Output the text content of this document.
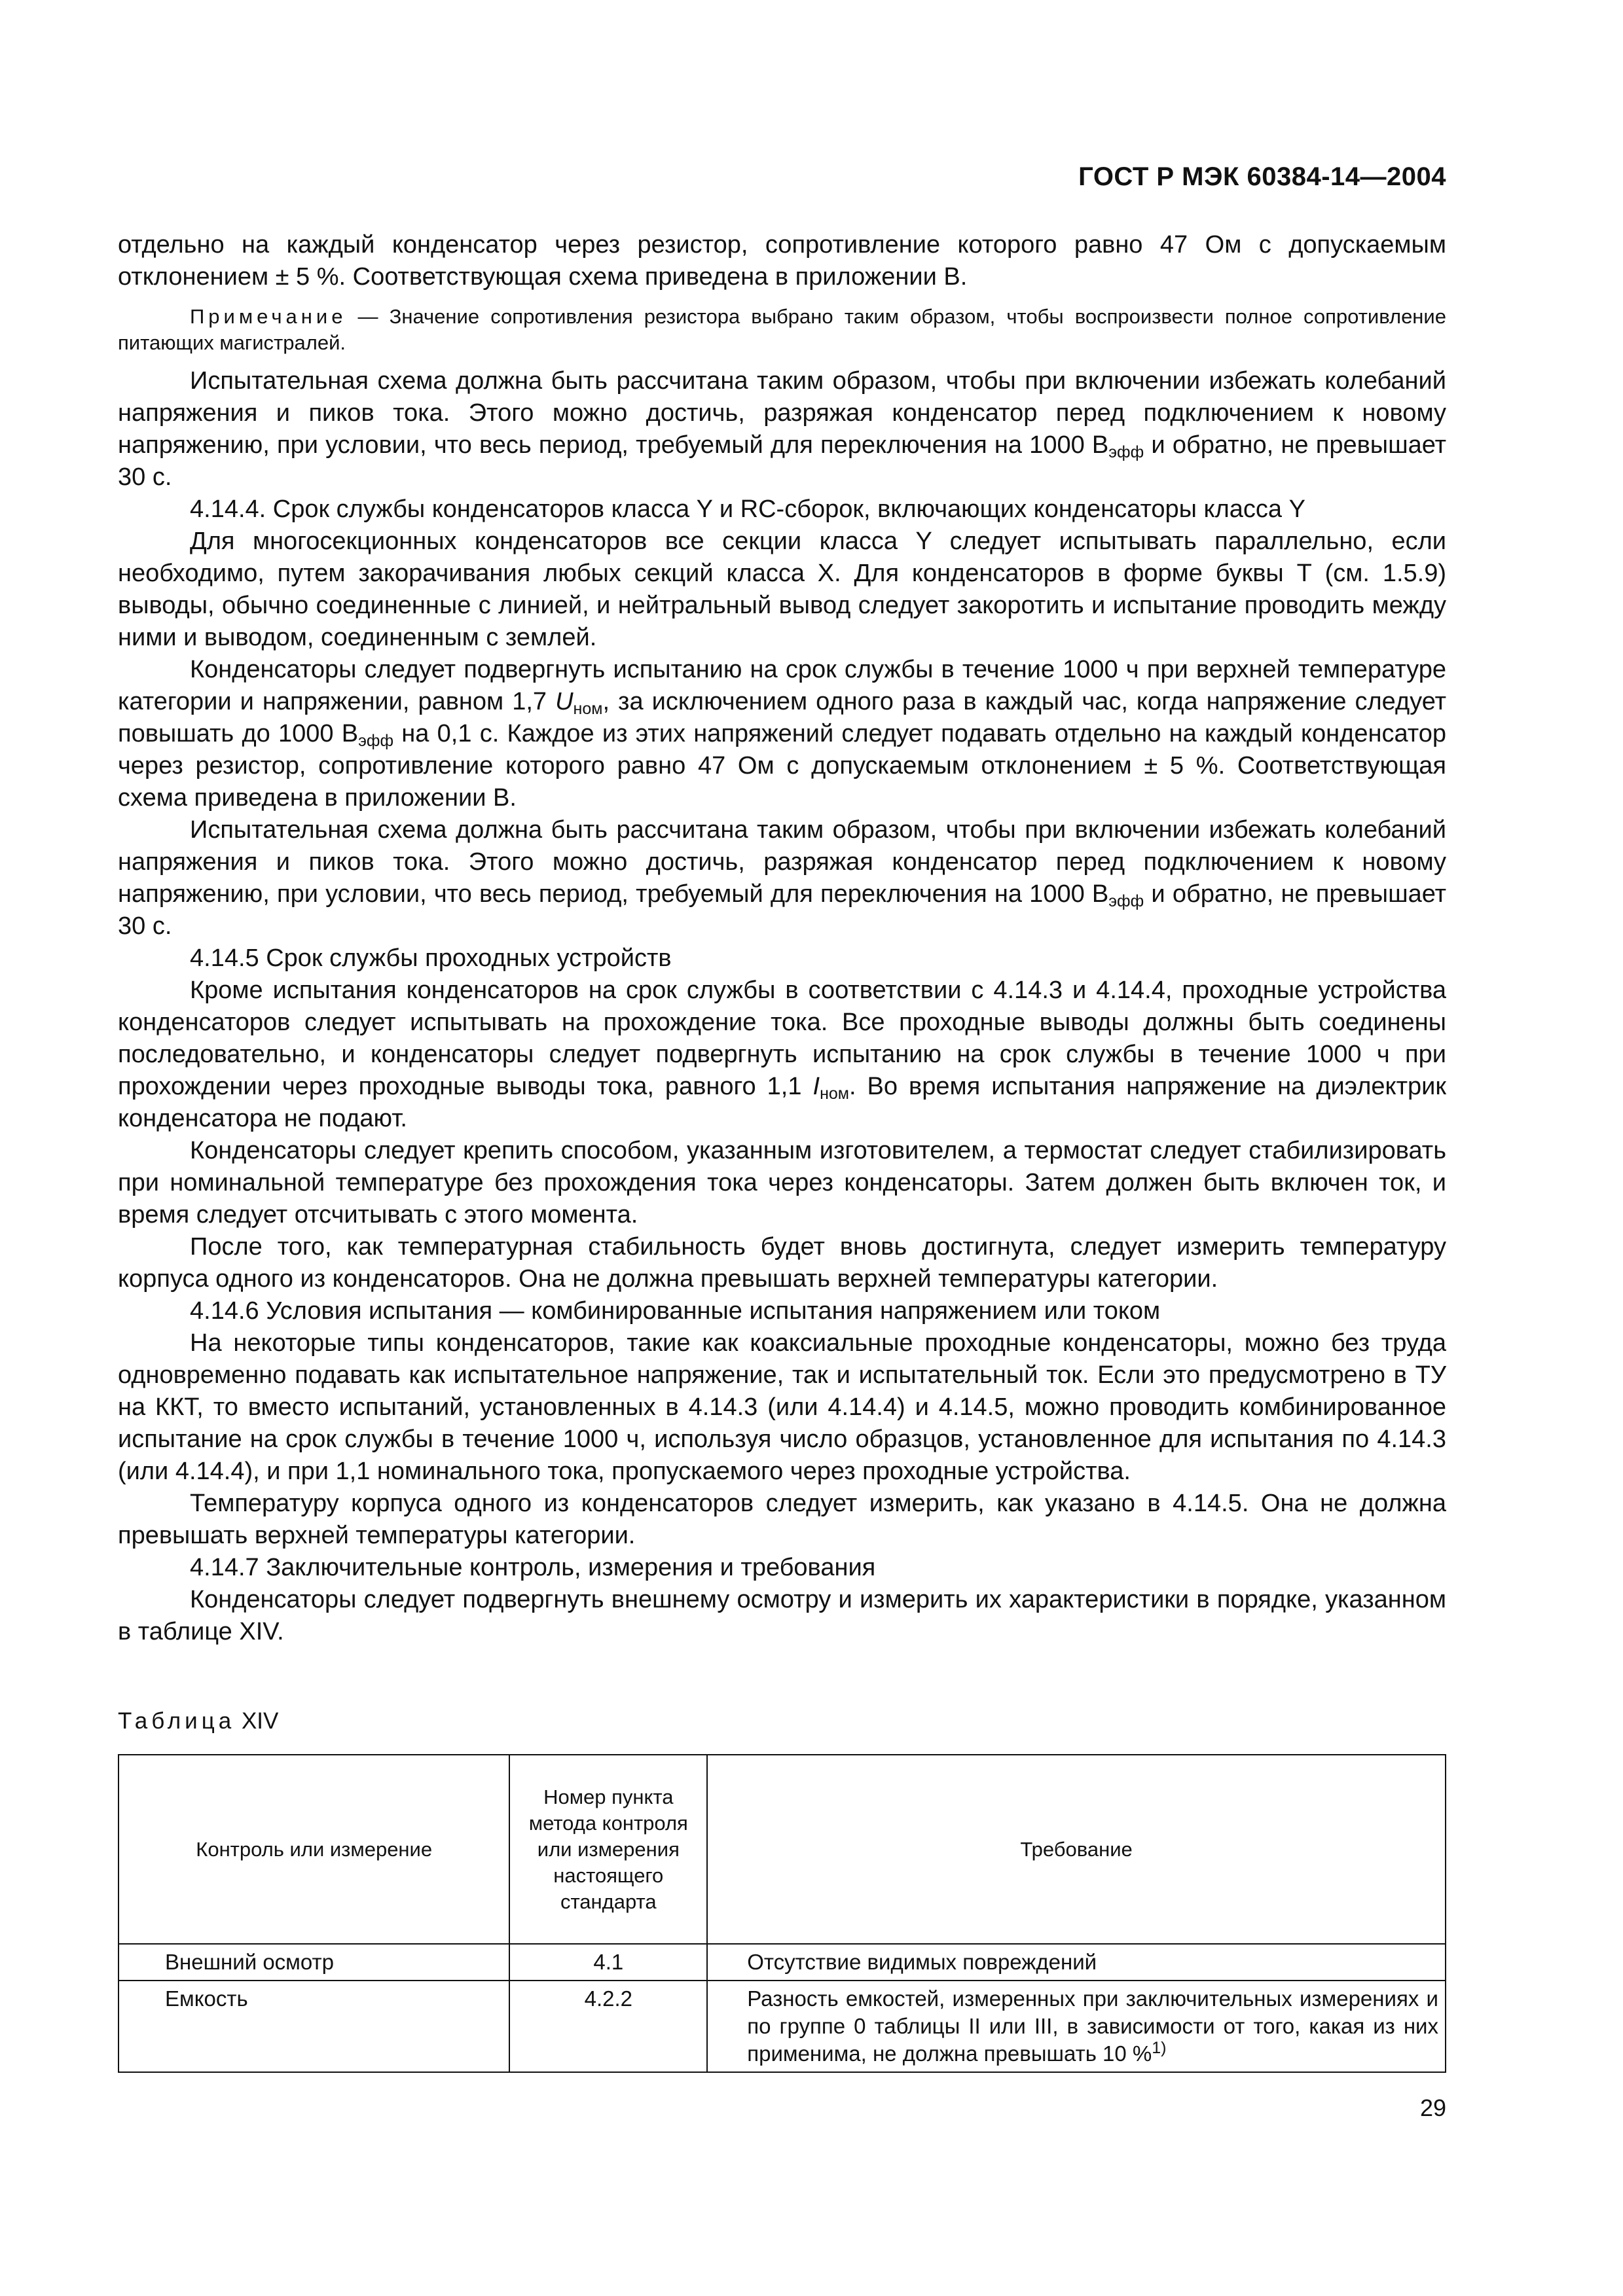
ГОСТ Р МЭК 60384-14—2004

отдельно на каждый конденсатор через резистор, сопротивление которого равно 47 Ом с допускаемым отклонением ± 5 %. Соответствующая схема приведена в приложении В.

Примечание — Значение сопротивления резистора выбрано таким образом, чтобы воспроизвести полное сопротивление питающих магистралей.

Испытательная схема должна быть рассчитана таким образом, чтобы при включении избежать колебаний напряжения и пиков тока. Этого можно достичь, разряжая конденсатор перед подключением к новому напряжению, при условии, что весь период, требуемый для переключения на 1000 $В_{эфф}$ и обратно, не превышает 30 с.

4.14.4. Срок службы конденсаторов класса Y и RC-сборок, включающих конденсаторы класса Y

Для многосекционных конденсаторов все секции класса Y следует испытывать параллельно, если необходимо, путем закорачивания любых секций класса X. Для конденсаторов в форме буквы Т (см. 1.5.9) выводы, обычно соединенные с линией, и нейтральный вывод следует закоротить и испытание проводить между ними и выводом, соединенным с землей.

Конденсаторы следует подвергнуть испытанию на срок службы в течение 1000 ч при верхней температуре категории и напряжении, равном 1,7 $U_{ном}$, за исключением одного раза в каждый час, когда напряжение следует повышать до 1000 $В_{эфф}$ на 0,1 с. Каждое из этих напряжений следует подавать отдельно на каждый конденсатор через резистор, сопротивление которого равно 47 Ом с допускаемым отклонением ± 5 %. Соответствующая схема приведена в приложении В.

Испытательная схема должна быть рассчитана таким образом, чтобы при включении избежать колебаний напряжения и пиков тока. Этого можно достичь, разряжая конденсатор перед подключением к новому напряжению, при условии, что весь период, требуемый для переключения на 1000 $В_{эфф}$ и обратно, не превышает 30 с.

4.14.5 Срок службы проходных устройств

Кроме испытания конденсаторов на срок службы в соответствии с 4.14.3 и 4.14.4, проходные устройства конденсаторов следует испытывать на прохождение тока. Все проходные выводы должны быть соединены последовательно, и конденсаторы следует подвергнуть испытанию на срок службы в течение 1000 ч при прохождении через проходные выводы тока, равного 1,1 $I_{ном}$. Во время испытания напряжение на диэлектрик конденсатора не подают.

Конденсаторы следует крепить способом, указанным изготовителем, а термостат следует стабилизировать при номинальной температуре без прохождения тока через конденсаторы. Затем должен быть включен ток, и время следует отсчитывать с этого момента.

После того, как температурная стабильность будет вновь достигнута, следует измерить температуру корпуса одного из конденсаторов. Она не должна превышать верхней температуры категории.

4.14.6 Условия испытания — комбинированные испытания напряжением или током

На некоторые типы конденсаторов, такие как коаксиальные проходные конденсаторы, можно без труда одновременно подавать как испытательное напряжение, так и испытательный ток. Если это предусмотрено в ТУ на ККТ, то вместо испытаний, установленных в 4.14.3 (или 4.14.4) и 4.14.5, можно проводить комбинированное испытание на срок службы в течение 1000 ч, используя число образцов, установленное для испытания по 4.14.3 (или 4.14.4), и при 1,1 номинального тока, пропускаемого через проходные устройства.

Температуру корпуса одного из конденсаторов следует измерить, как указано в 4.14.5. Она не должна превышать верхней температуры категории.

4.14.7 Заключительные контроль, измерения и требования

Конденсаторы следует подвергнуть внешнему осмотру и измерить их характеристики в порядке, указанном в таблице XIV.

Таблица XIV
Контроль или измерение	Номер пункта метода контроля или измерения настоящего стандарта	Требование
Внешний осмотр	4.1	Отсутствие видимых повреждений
Емкость	4.2.2	Разность емкостей, измеренных при заключительных измерениях и по группе 0 таблицы II или III, в зависимости от того, какая из них применима, не должна превышать 10 %$^{1)}$
29
